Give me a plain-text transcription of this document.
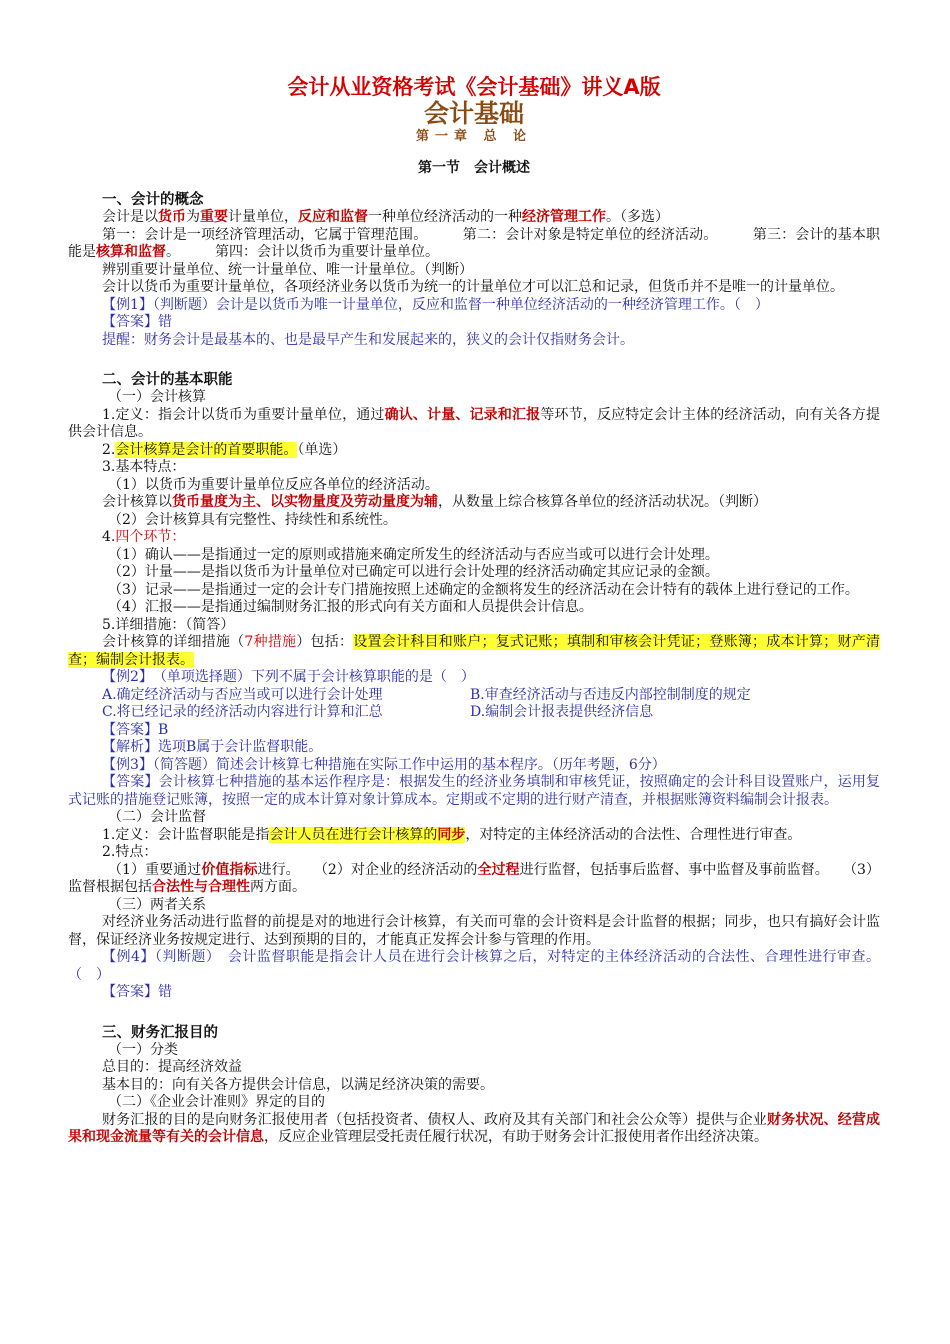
会计从业资格考试《会计基础》讲义A版
会计基础
第一章 总 论
第一节　会计概述
一、会计的概念

会计是以货币为重要计量单位，反应和监督一种单位经济活动的一种经济管理工作。（多选）

第一：会计是一项经济管理活动，它属于管理范围。　　　第二：会计对象是特定单位的经济活动。　　　第三：会计的基本职能是核算和监督。　　　第四：会计以货币为重要计量单位。

辨别重要计量单位、统一计量单位、唯一计量单位。（判断）

会计以货币为重要计量单位，各项经济业务以货币为统一的计量单位才可以汇总和记录，但货币并不是唯一的计量单位。

【例1】（判断题）会计是以货币为唯一计量单位，反应和监督一种单位经济活动的一种经济管理工作。（　）

【答案】错

提醒：财务会计是最基本的、也是最早产生和发展起来的，狭义的会计仅指财务会计。

二、会计的基本职能

（一）会计核算

1.定义：指会计以货币为重要计量单位，通过确认、计量、记录和汇报等环节，反应特定会计主体的经济活动，向有关各方提供会计信息。

2.会计核算是会计的首要职能。（单选）

3.基本特点：

（1）以货币为重要计量单位反应各单位的经济活动。

会计核算以货币量度为主、以实物量度及劳动量度为辅，从数量上综合核算各单位的经济活动状况。（判断）

（2）会计核算具有完整性、持续性和系统性。

4.四个环节：

（1）确认——是指通过一定的原则或措施来确定所发生的经济活动与否应当或可以进行会计处理。

（2）计量——是指以货币为计量单位对已确定可以进行会计处理的经济活动确定其应记录的金额。

（3）记录——是指通过一定的会计专门措施按照上述确定的金额将发生的经济活动在会计特有的载体上进行登记的工作。

（4）汇报——是指通过编制财务汇报的形式向有关方面和人员提供会计信息。

5.详细措施：（简答）

会计核算的详细措施（7种措施）包括：设置会计科目和账户；复式记账；填制和审核会计凭证；登账簿；成本计算；财产清查；编制会计报表。

【例2】　（单项选择题）下列不属于会计核算职能的是（　）

A.确定经济活动与否应当或可以进行会计处理	B.审查经济活动与否违反内部控制制度的规定
C.将已经记录的经济活动内容进行计算和汇总	D.编制会计报表提供经济信息

【答案】B

【解析】选项B属于会计监督职能。

【例3】（简答题）简述会计核算七种措施在实际工作中运用的基本程序。（历年考题，6分）

【答案】会计核算七种措施的基本运作程序是：根据发生的经济业务填制和审核凭证，按照确定的会计科目设置账户，运用复式记账的措施登记账簿，按照一定的成本计算对象计算成本。定期或不定期的进行财产清查，并根据账簿资料编制会计报表。

（二）会计监督

1.定义：会计监督职能是指会计人员在进行会计核算的同步，对特定的主体经济活动的合法性、合理性进行审查。

2.特点：

（1）重要通过价值指标进行。　　（2）对企业的经济活动的全过程进行监督，包括事后监督、事中监督及事前监督。　　（3）监督根据包括合法性与合理性两方面。

（三）两者关系

对经济业务活动进行监督的前提是对的地进行会计核算，有关而可靠的会计资料是会计监督的根据；同步，也只有搞好会计监督，保证经济业务按规定进行、达到预期的目的，才能真正发挥会计参与管理的作用。

【例4】（判断题）　会计监督职能是指会计人员在进行会计核算之后，对特定的主体经济活动的合法性、合理性进行审查。（　）

【答案】错

三、财务汇报目的

（一）分类

总目的：提高经济效益

基本目的：向有关各方提供会计信息，以满足经济决策的需要。

（二）《企业会计准则》界定的目的

财务汇报的目的是向财务汇报使用者（包括投资者、债权人、政府及其有关部门和社会公众等）提供与企业财务状况、经营成果和现金流量等有关的会计信息，反应企业管理层受托责任履行状况，有助于财务会计汇报使用者作出经济决策。
